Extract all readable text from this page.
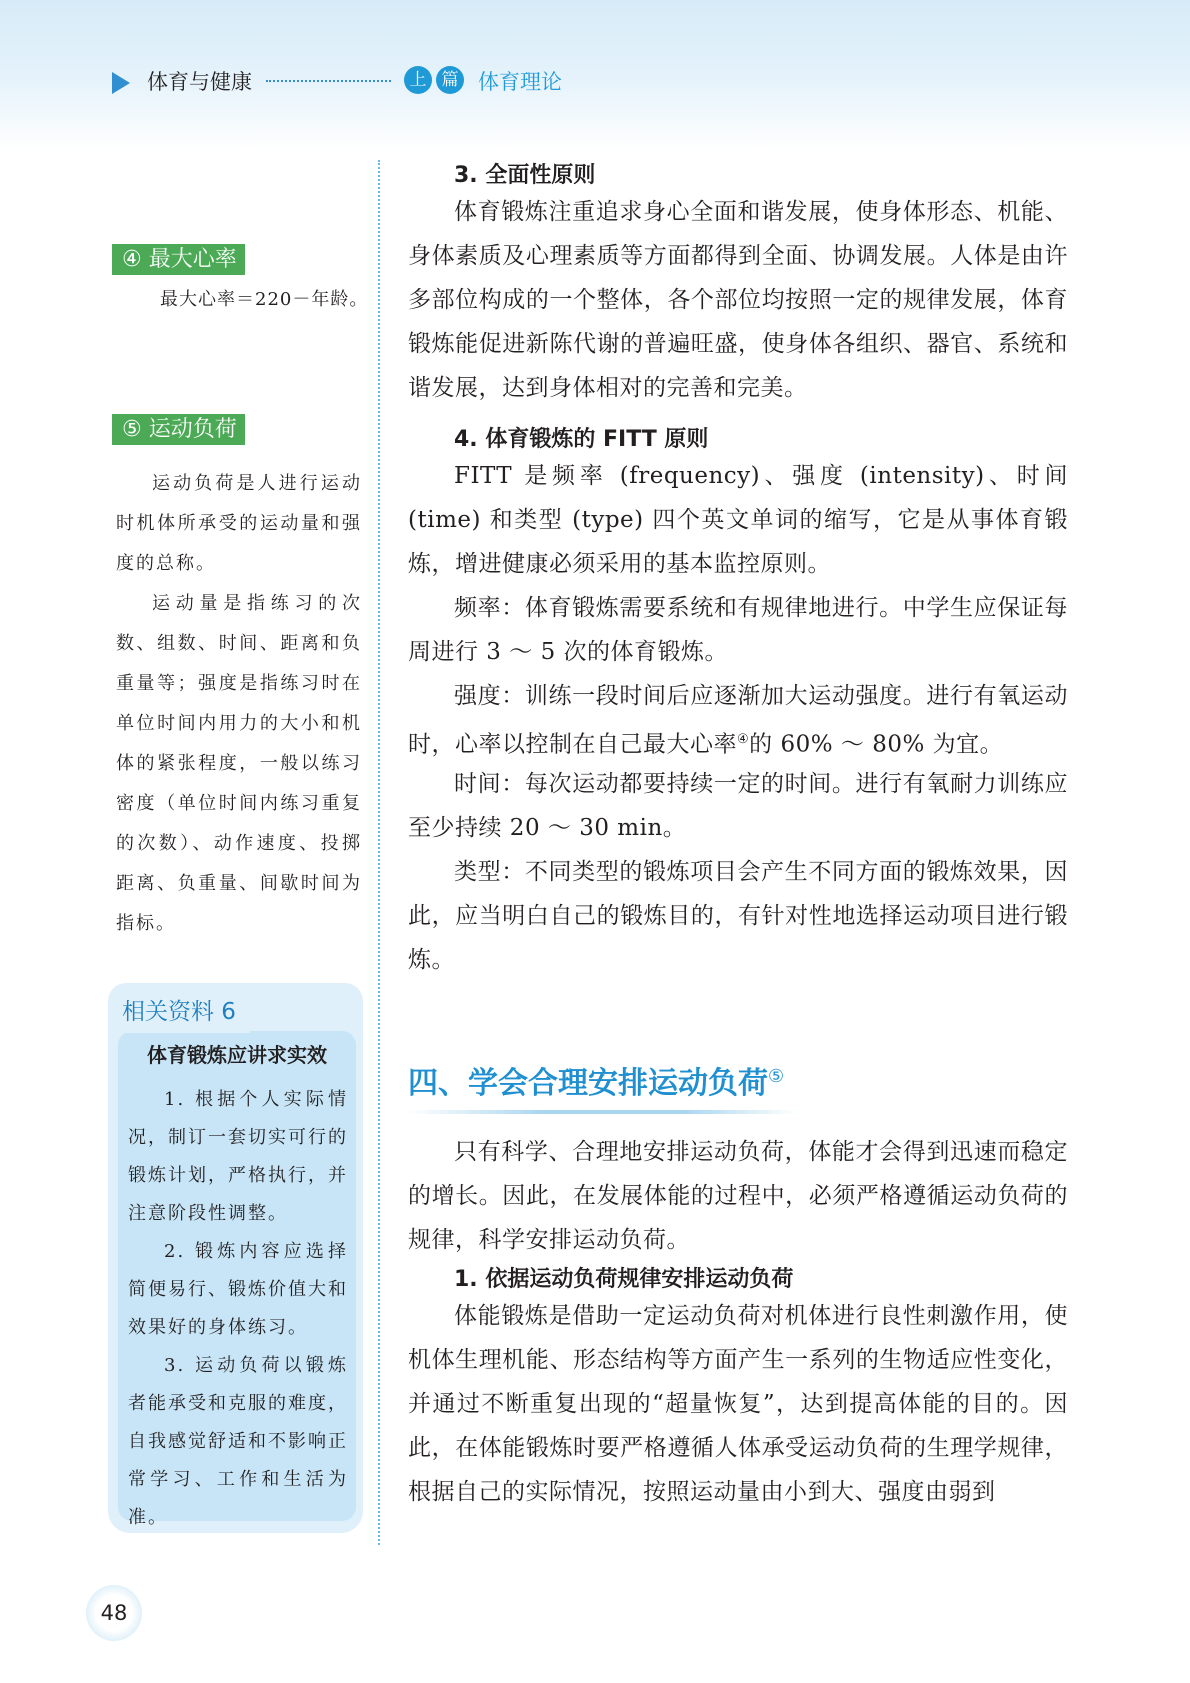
体育与健康	上 篇 体育理论
④ 最大心率
最大心率＝220－年龄。
⑤ 运动负荷

运动负荷是人进行运动时机体所承受的运动量和强度的总称。

运动量是指练习的次数、组数、时间、距离和负重量等；强度是指练习时在单位时间内用力的大小和机体的紧张程度，一般以练习密度（单位时间内练习重复的次数）、动作速度、投掷距离、负重量、间歇时间为指标。

体育锻炼应讲求实效

1. 根据个人实际情况，制订一套切实可行的锻炼计划，严格执行，并注意阶段性调整。

2. 锻炼内容应选择简便易行、锻炼价值大和效果好的身体练习。

3. 运动负荷以锻炼者能承受和克服的难度，自我感觉舒适和不影响正常学习、工作和生活为准。

相关资料 6
3. 全面性原则

体育锻炼注重追求身心全面和谐发展，使身体形态、机能、身体素质及心理素质等方面都得到全面、协调发展。人体是由许多部位构成的一个整体，各个部位均按照一定的规律发展，体育锻炼能促进新陈代谢的普遍旺盛，使身体各组织、器官、系统和谐发展，达到身体相对的完善和完美。

4. 体育锻炼的 FITT 原则

FITT 是频率 (frequency)、强度 (intensity)、时间 (time) 和类型 (type) 四个英文单词的缩写，它是从事体育锻炼，增进健康必须采用的基本监控原则。

频率：体育锻炼需要系统和有规律地进行。中学生应保证每周进行 3 ～ 5 次的体育锻炼。

强度：训练一段时间后应逐渐加大运动强度。进行有氧运动时，心率以控制在自己最大心率④的 60% ～ 80% 为宜。

时间：每次运动都要持续一定的时间。进行有氧耐力训练应至少持续 20 ～ 30 min。

类型：不同类型的锻炼项目会产生不同方面的锻炼效果，因此，应当明白自己的锻炼目的，有针对性地选择运动项目进行锻炼。

四、学会合理安排运动负荷⑤

只有科学、合理地安排运动负荷，体能才会得到迅速而稳定的增长。因此，在发展体能的过程中，必须严格遵循运动负荷的规律，科学安排运动负荷。

1. 依据运动负荷规律安排运动负荷

体能锻炼是借助一定运动负荷对机体进行良性刺激作用，使机体生理机能、形态结构等方面产生一系列的生物适应性变化，并通过不断重复出现的“超量恢复”，达到提高体能的目的。因此，在体能锻炼时要严格遵循人体承受运动负荷的生理学规律，根据自己的实际情况，按照运动量由小到大、强度由弱到

48
